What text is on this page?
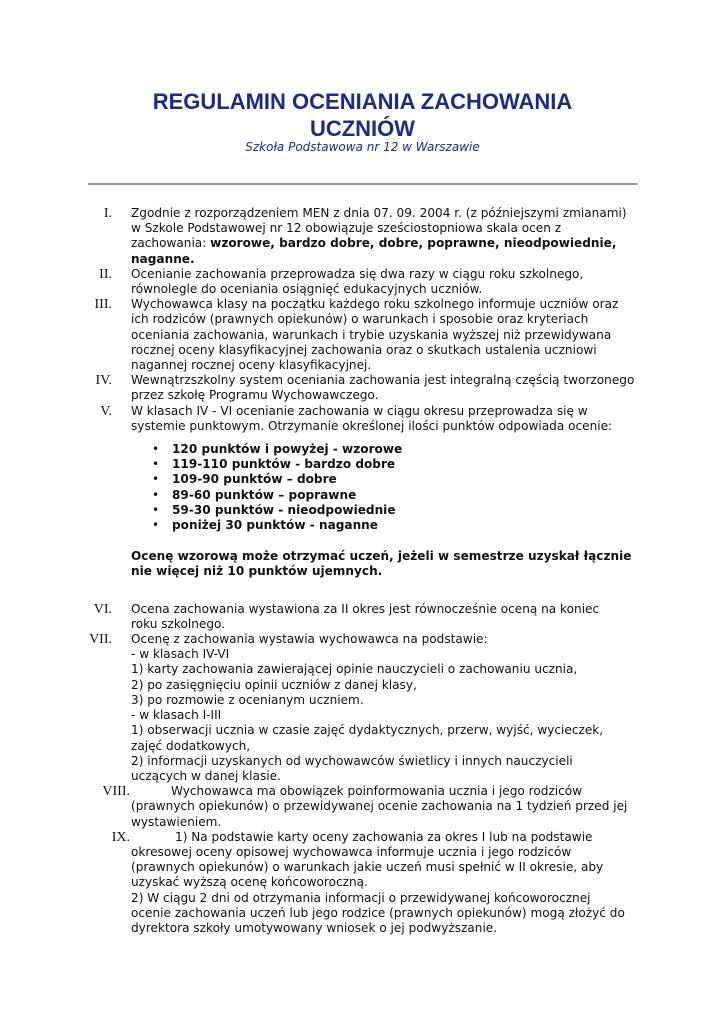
REGULAMIN OCENIANIA ZACHOWANIA
UCZNIÓW
Szkoła Podstawowa nr 12 w Warszawie
I. Zgodnie z rozporządzeniem MEN z dnia 07. 09. 2004 r. (z późniejszymi zmianami)
w Szkole Podstawowej nr 12 obowiązuje sześciostopniowa skala ocen z
zachowania: wzorowe, bardzo dobre, dobre, poprawne, nieodpowiednie,
naganne.
II. Ocenianie zachowania przeprowadza się dwa razy w ciągu roku szkolnego,
równolegle do oceniania osiągnięć edukacyjnych uczniów.
III. Wychowawca klasy na początku każdego roku szkolnego informuje uczniów oraz
ich rodziców (prawnych opiekunów) o warunkach i sposobie oraz kryteriach
oceniania zachowania, warunkach i trybie uzyskania wyższej niż przewidywana
rocznej oceny klasyfikacyjnej zachowania oraz o skutkach ustalenia uczniowi
nagannej rocznej oceny klasyfikacyjnej.
IV. Wewnątrzszkolny system oceniania zachowania jest integralną częścią tworzonego
przez szkołę Programu Wychowawczego.
V. W klasach IV - VI ocenianie zachowania w ciągu okresu przeprowadza się w
systemie punktowym. Otrzymanie określonej ilości punktów odpowiada ocenie:
• 120 punktów i powyżej - wzorowe
• 119-110 punktów - bardzo dobre
• 109-90 punktów – dobre
• 89-60 punktów – poprawne
• 59-30 punktów - nieodpowiednie
• poniżej 30 punktów - naganne
Ocenę wzorową może otrzymać uczeń, jeżeli w semestrze uzyskał łącznie
nie więcej niż 10 punktów ujemnych.
VI. Ocena zachowania wystawiona za II okres jest równocześnie oceną na koniec
roku szkolnego.
VII. Ocenę z zachowania wystawia wychowawca na podstawie:
- w klasach IV-VI
1) karty zachowania zawierającej opinie nauczycieli o zachowaniu ucznia,
2) po zasięgnięciu opinii uczniów z danej klasy,
3) po rozmowie z ocenianym uczniem.
- w klasach I-III
1) obserwacji ucznia w czasie zajęć dydaktycznych, przerw, wyjść, wycieczek,
zajęć dodatkowych,
2) informacji uzyskanych od wychowawców świetlicy i innych nauczycieli
uczących w danej klasie.
VIII.	Wychowawca ma obowiązek poinformowania ucznia i jego rodziców
(prawnych opiekunów) o przewidywanej ocenie zachowania na 1 tydzień przed jej
wystawieniem.
IX.	1) Na podstawie karty oceny zachowania za okres I lub na podstawie
okresowej oceny opisowej wychowawca informuje ucznia i jego rodziców
(prawnych opiekunów) o warunkach jakie uczeń musi spełnić w II okresie, aby
uzyskać wyższą ocenę końcoworoczną.
2) W ciągu 2 dni od otrzymania informacji o przewidywanej końcoworocznej
ocenie zachowania uczeń lub jego rodzice (prawnych opiekunów) mogą złożyć do
dyrektora szkoły umotywowany wniosek o jej podwyższanie.
